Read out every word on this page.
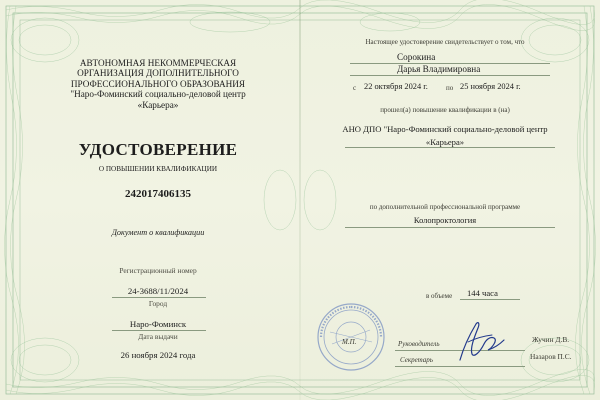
АВТОНОМНАЯ НЕКОММЕРЧЕСКАЯ
ОРГАНИЗАЦИЯ ДОПОЛНИТЕЛЬНОГО
ПРОФЕССИОНАЛЬНОГО ОБРАЗОВАНИЯ
"Наро-Фоминский социально-деловой центр
«Карьера»
УДОСТОВЕРЕНИЕ
О ПОВЫШЕНИИ КВАЛИФИКАЦИИ
242017406135
Документ о квалификации
Регистрационный номер
24-3688/11/2024
Город
Наро-Фоминск
Дата выдачи
26 ноября 2024 года
Настоящее удостоверение свидетельствует о том, что
Сорокина
Дарья Владимировна
с 22 октября 2024 г.	по 25 ноября 2024 г.
прошел(а) повышение квалификации в (на)
АНО ДПО "Наро-Фоминский социально-деловой центр
«Карьера»
по дополнительной профессиональной программе
Колопроктология
в объеме 144 часа
М.П.	Руководитель	Жучин Д.В.
Секретарь	Назаров П.С.
